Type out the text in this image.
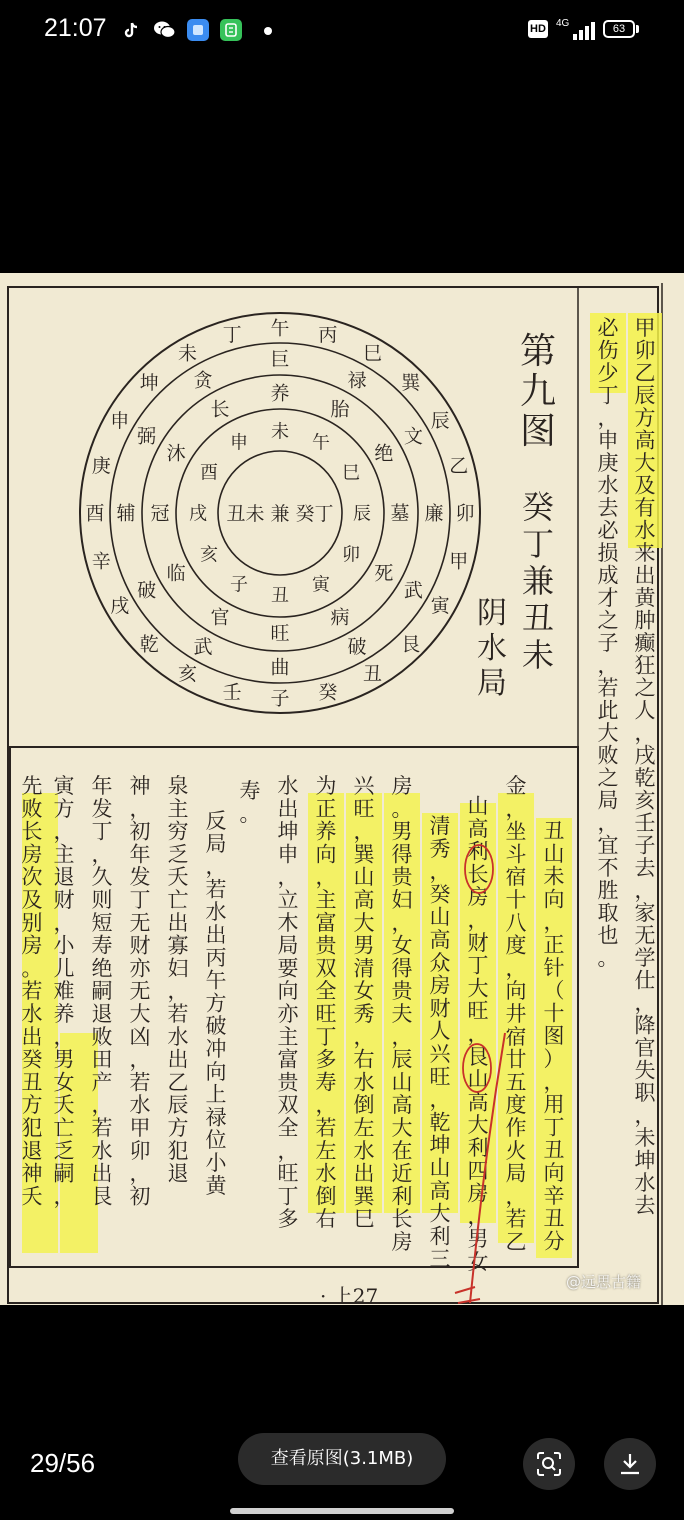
21:07	HD 4G	63
甲卯乙辰方高大及有水来出黄肿癫狂之人，戌乾亥壬子去，家无学仕，降官失职，未坤水去
必伤少丁，申庚水去必损成才之子，若此大败之局，宜不胜取也。
第九图
癸丁兼丑未
阴水局
丑山未向，正针（十图），用丁丑向辛丑分
金，坐斗宿十八度，向井宿廿五度作火局，若乙
山高利长房，财丁大旺，艮山高大利四房，男女
清秀，癸山高众房财人兴旺，乾坤山高大利三
房。男得贵妇，女得贵夫，辰山高大在近利长房
兴旺，巽山高大男清女秀，右水倒左水出巽巳
为正养向，主富贵双全旺丁多寿，若左水倒右
水出坤申，立木局要向亦主富贵双全，旺丁多
寿。
反局，若水出丙午方破冲向上禄位小黄
泉主穷乏夭亡出寡妇，若水出乙辰方犯退
神，初年发丁无财亦无大凶，若水甲卯，初
年发丁，久则短寿绝嗣退败田产，若水出艮
寅方，主退财，小儿难养，男女夭亡乏嗣，
先败长房次及别房。若水出癸丑方犯退神夭
· 上27
丑
子
亥
戌
酉
申
未
午
巳
辰
卯
寅
旺
官
临
冠
沐
长
养
胎
绝
墓
死
病
曲
武
破
辅
弼
贪
巨
禄
文
廉
武
破
子
壬
亥
乾
戌
辛
酉
庚
申
坤
未
丁 午 丙
巳
巽
辰
乙
卯
甲
寅
艮
丑
癸
丑未 兼 癸丁
@远思古籍
29/56	查看原图(3.1MB)
